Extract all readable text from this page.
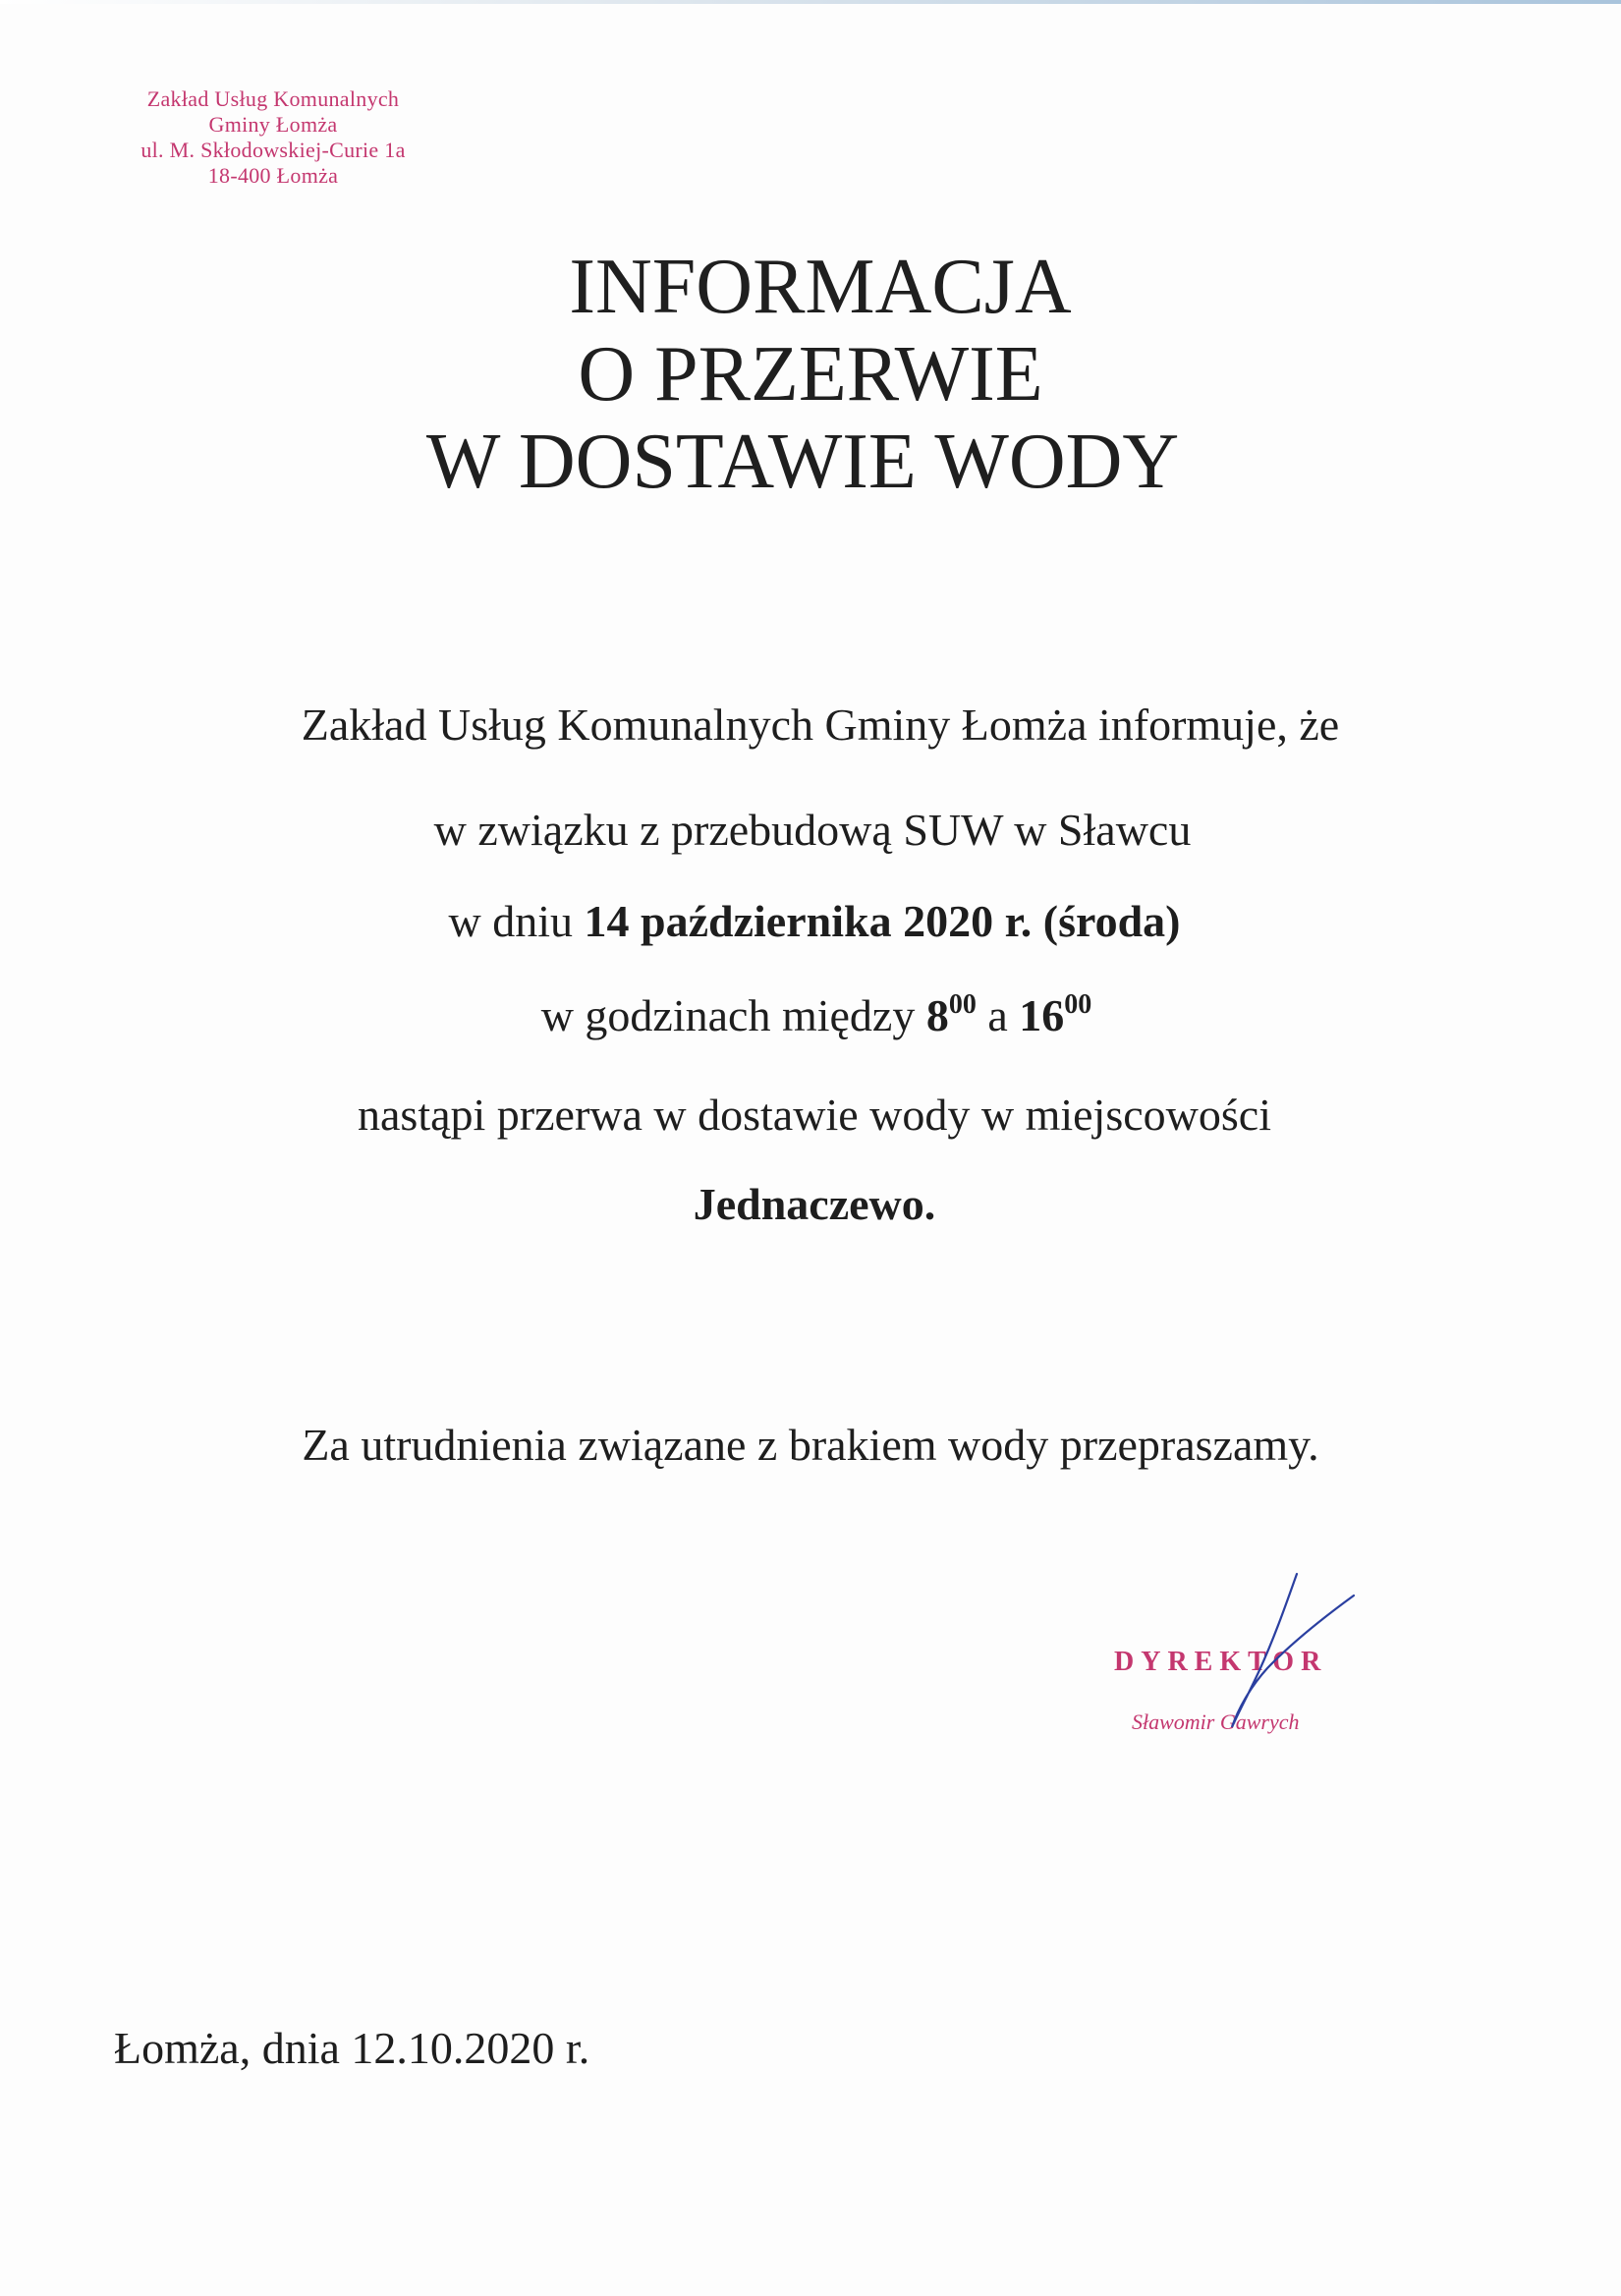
Zakład Usług Komunalnych
Gminy Łomża
ul. M. Skłodowskiej-Curie 1a
18-400 Łomża
INFORMACJA
O PRZERWIE
W DOSTAWIE WODY
Zakład Usług Komunalnych Gminy Łomża informuje, że
w związku z przebudową SUW w Sławcu
w dniu 14 października 2020 r. (środa)
w godzinach między $8^{00}$ a $16^{00}$
nastąpi przerwa w dostawie wody w miejscowości
Jednaczewo.
Za utrudnienia związane z brakiem wody przepraszamy.
DYREKTOR
Sławomir Gawrych
Łomża, dnia 12.10.2020 r.
